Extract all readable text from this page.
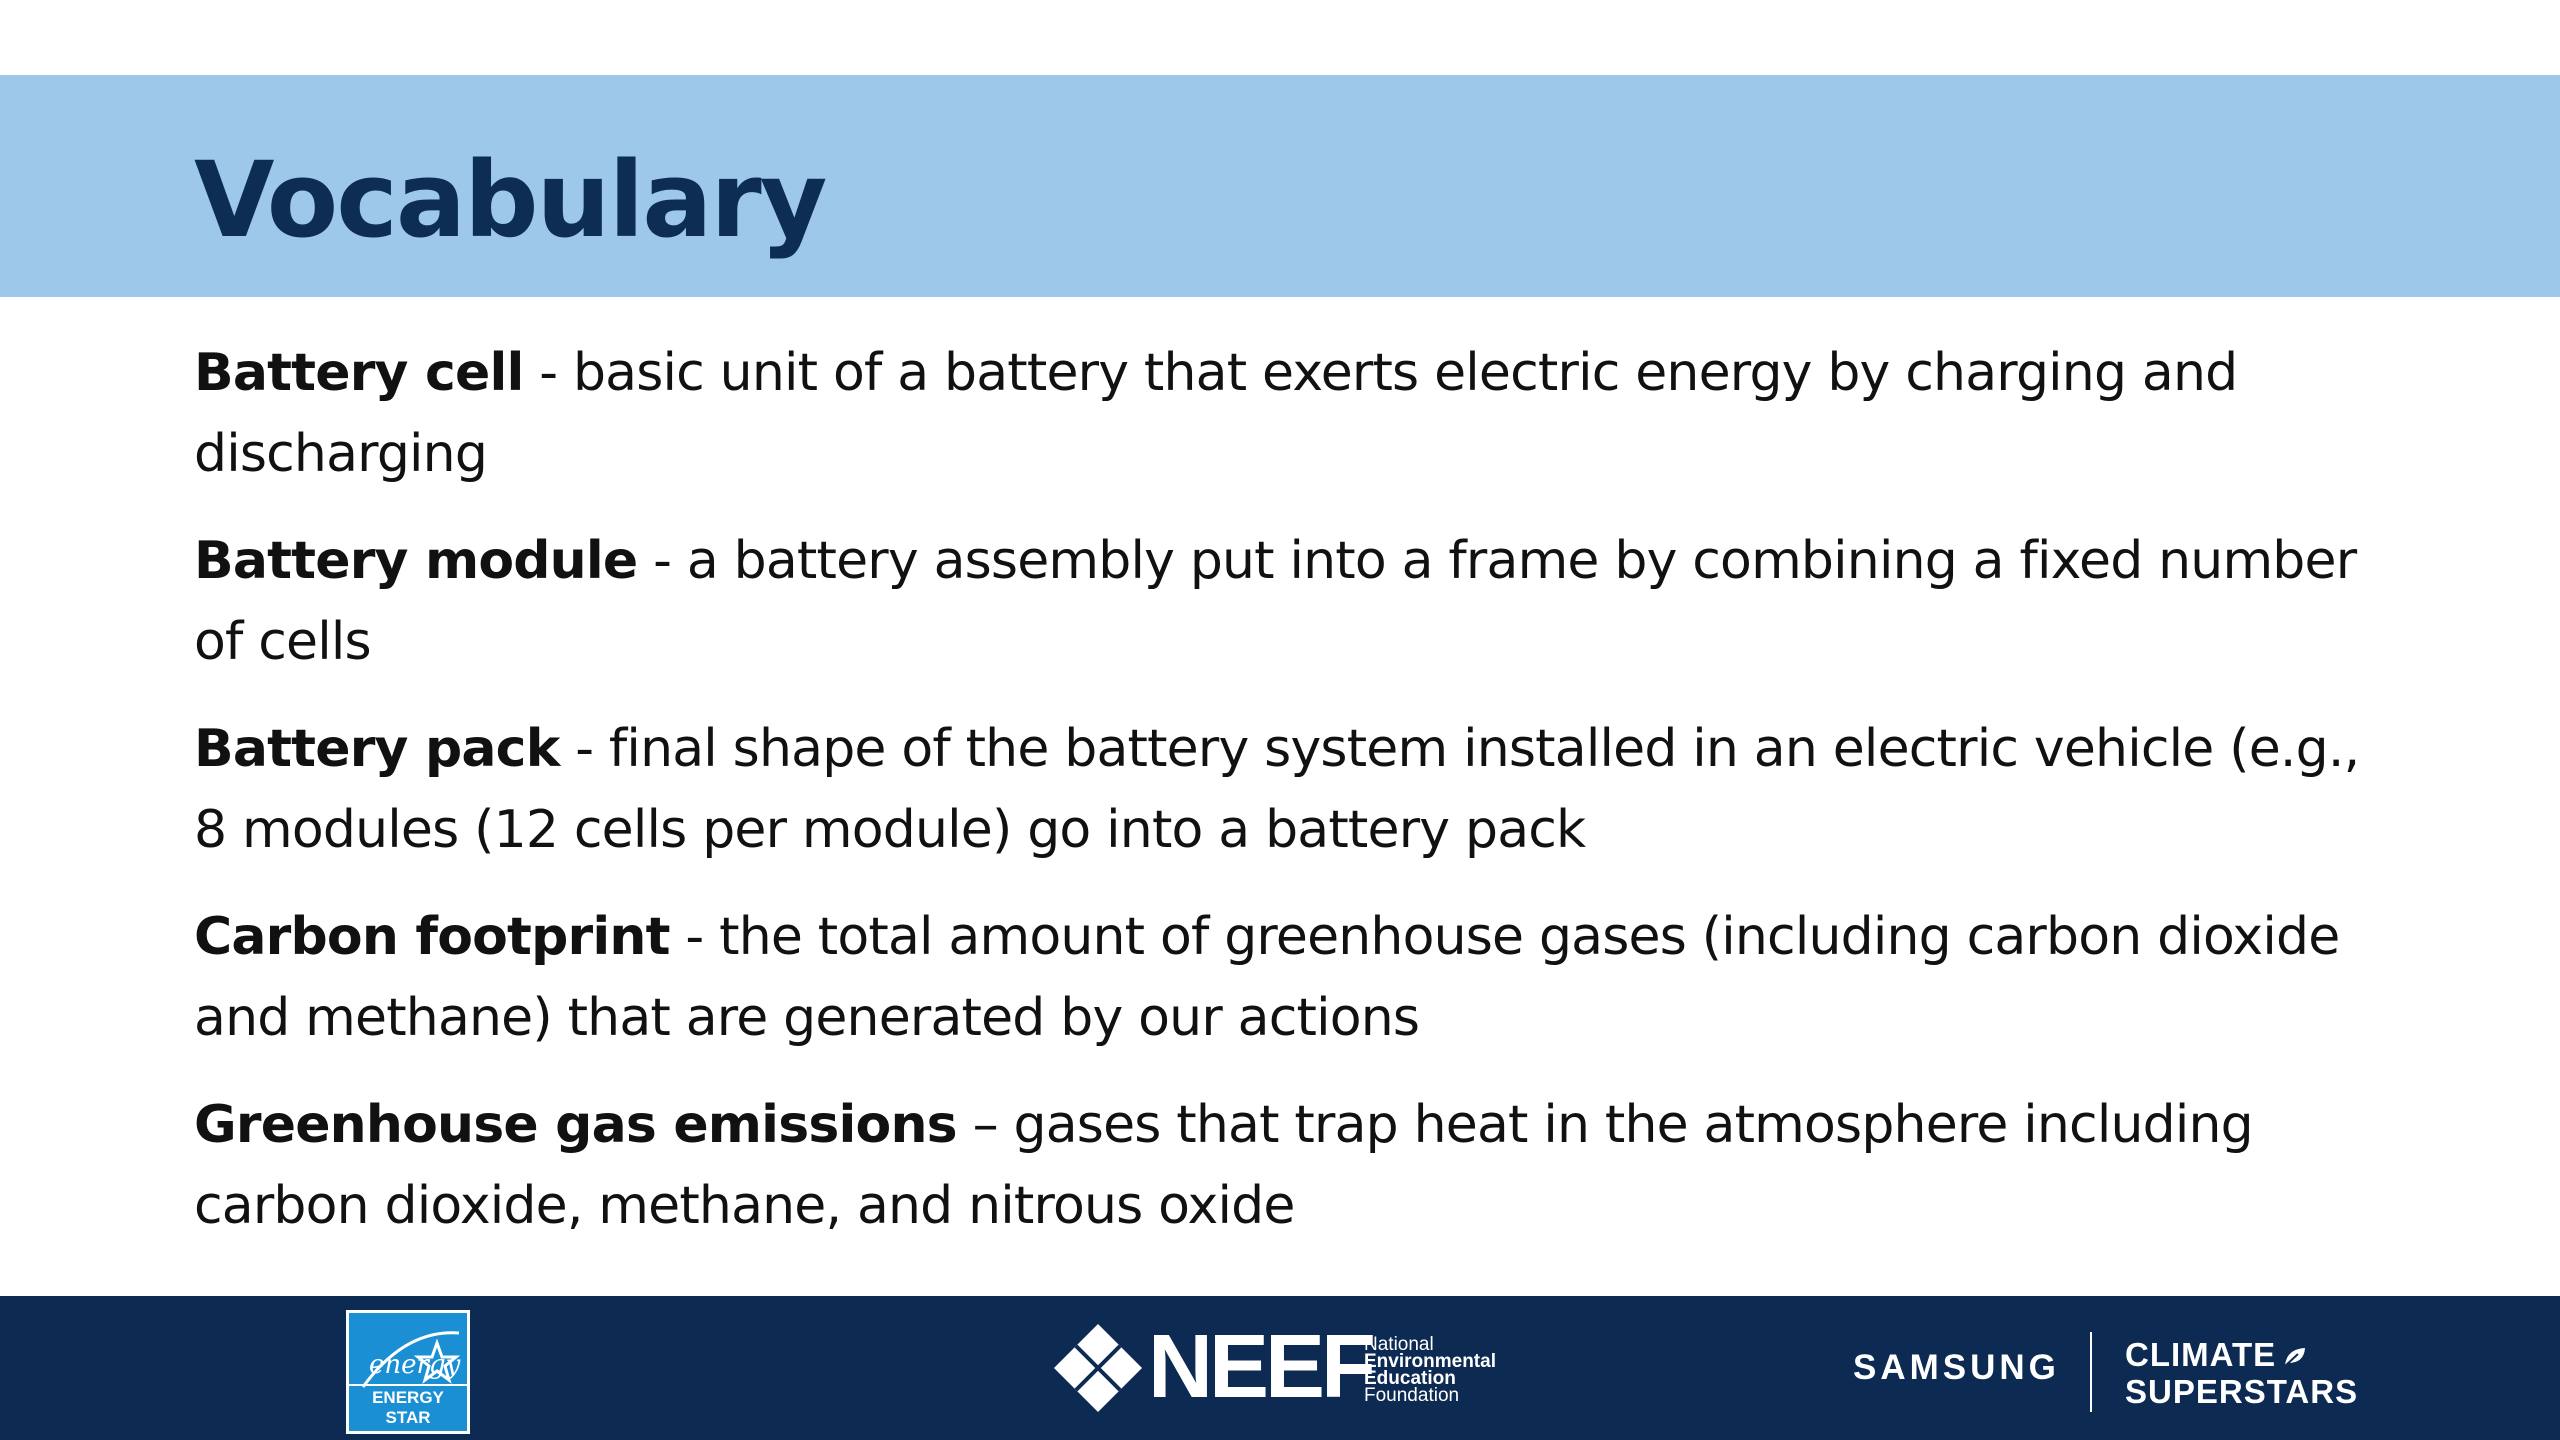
Vocabulary

Battery cell - basic unit of a battery that exerts electric energy by charging and discharging

Battery module - a battery assembly put into a frame by combining a fixed number of cells

Battery pack - final shape of the battery system installed in an electric vehicle (e.g., 8 modules (12 cells per module) go into a battery pack

Carbon footprint - the total amount of greenhouse gases (including carbon dioxide and methane) that are generated by our actions

Greenhouse gas emissions – gases that trap heat in the atmosphere including carbon dioxide, methane, and nitrous oxide

energy
ENERGY STAR
NEEF
National
Environmental
Education
Foundation
SAMSUNG CLIMATE
SUPERSTARS
